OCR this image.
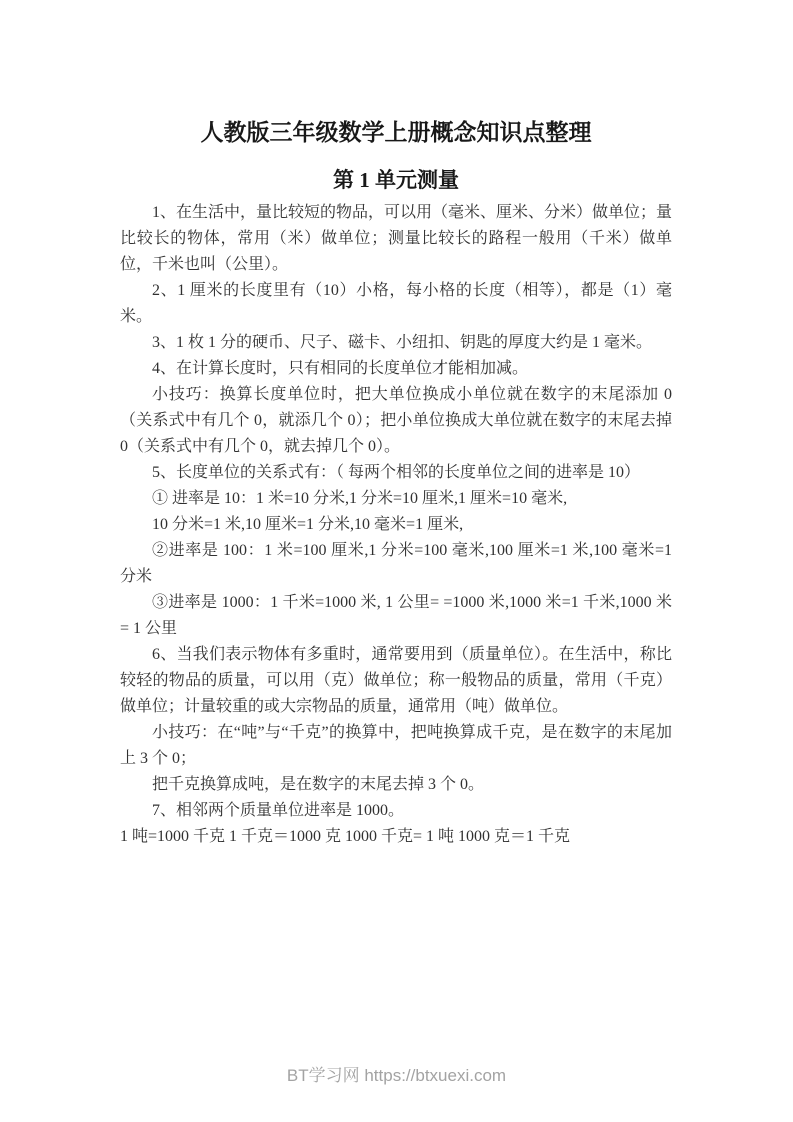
人教版三年级数学上册概念知识点整理
第 1 单元测量

1、在生活中，量比较短的物品，可以用（毫米、厘米、分米）做单位；量比较长的物体，常用（米）做单位；测量比较长的路程一般用（千米）做单位，千米也叫（公里）。

2、1 厘米的长度里有（10）小格，每小格的长度（相等），都是（1）毫米。

3、1 枚 1 分的硬币、尺子、磁卡、小纽扣、钥匙的厚度大约是 1 毫米。

4、在计算长度时，只有相同的长度单位才能相加减。

小技巧：换算长度单位时，把大单位换成小单位就在数字的末尾添加 0（关系式中有几个 0，就添几个 0）；把小单位换成大单位就在数字的末尾去掉 0（关系式中有几个 0，就去掉几个 0）。

5、长度单位的关系式有：（ 每两个相邻的长度单位之间的进率是 10）

① 进率是 10：1 米=10 分米,1 分米=10 厘米,1 厘米=10 毫米,

10 分米=1 米,10 厘米=1 分米,10 毫米=1 厘米,

②进率是 100：1 米=100 厘米,1 分米=100 毫米,100 厘米=1 米,100 毫米=1 分米

③进率是 1000：1 千米=1000 米, 1 公里= =1000 米,1000 米=1 千米,1000 米 = 1 公里

6、当我们表示物体有多重时，通常要用到（质量单位）。在生活中，称比较轻的物品的质量，可以用（克）做单位；称一般物品的质量，常用（千克）做单位；计量较重的或大宗物品的质量，通常用（吨）做单位。

小技巧：在“吨”与“千克”的换算中，把吨换算成千克，是在数字的末尾加上 3 个 0；

把千克换算成吨，是在数字的末尾去掉 3 个 0。

7、相邻两个质量单位进率是 1000。

1 吨=1000 千克 1 千克＝1000 克 1000 千克= 1 吨 1000 克＝1 千克

BT学习网 https://btxuexi.com
